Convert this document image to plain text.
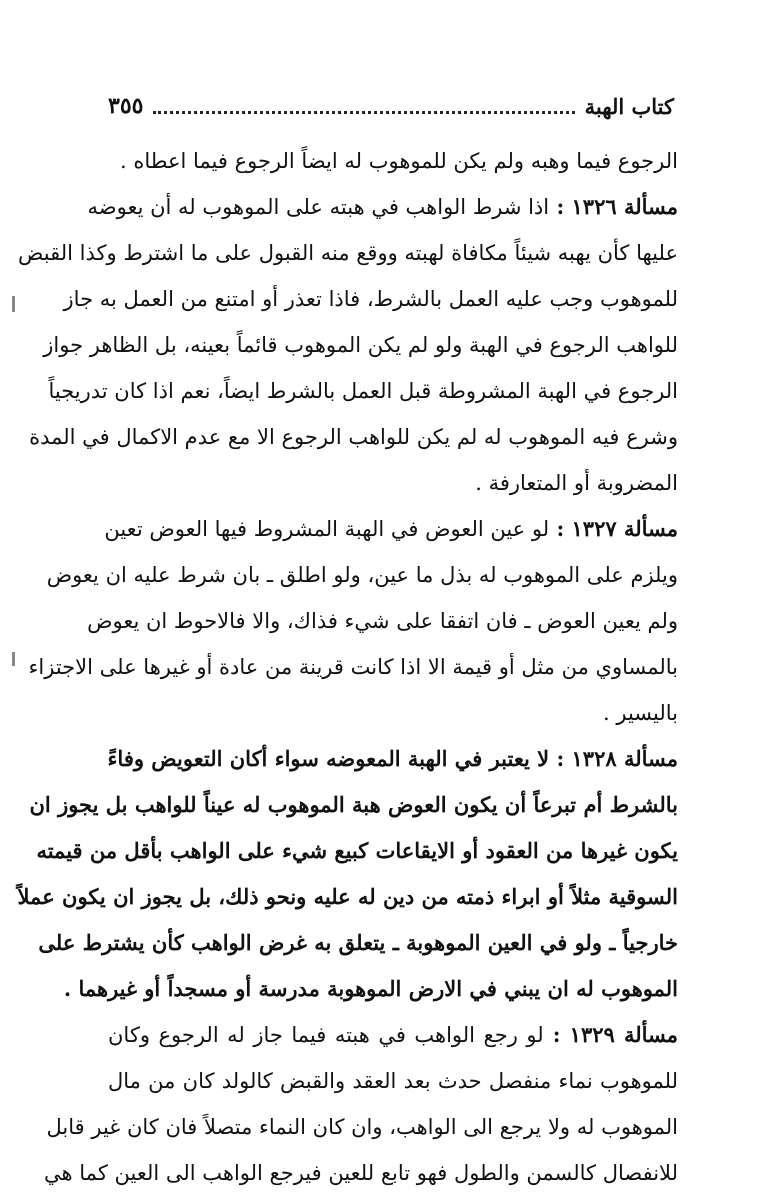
٣٥٥	كتاب الهبة
الرجوع فيما وهبه ولم يكن للموهوب له ايضاً الرجوع فيما اعطاه .
مسألة ١٣٢٦ :اذا شرط الواهب في هبته على الموهوب له أن يعوضه
عليها كأن يهبه شيئاً مكافاة لهبته ووقع منه القبول على ما اشترط وكذا القبض
للموهوب وجب عليه العمل بالشرط، فاذا تعذر أو امتنع من العمل به جاز
للواهب الرجوع في الهبة ولو لم يكن الموهوب قائماً بعينه، بل الظاهر جواز
الرجوع في الهبة المشروطة قبل العمل بالشرط ايضاً، نعم اذا كان تدريجياً
وشرع فيه الموهوب له لم يكن للواهب الرجوع الا مع عدم الاكمال في المدة
المضروبة أو المتعارفة .
مسألة ١٣٢٧ :لو عين العوض في الهبة المشروط فيها العوض تعين
ويلزم على الموهوب له بذل ما عين، ولو اطلق ـ بان شرط عليه ان يعوض
ولم يعين العوض ـ فان اتفقا على شيء فذاك، والا فالاحوط ان يعوض
بالمساوي من مثل أو قيمة الا اذا كانت قرينة من عادة أو غيرها على الاجتزاء
باليسير .
مسألة ١٣٢٨ :لا يعتبر في الهبة المعوضه سواء أكان التعويض وفاءً
بالشرط أم تبرعاً أن يكون العوض هبة الموهوب له عيناً للواهب بل يجوز ان
يكون غيرها من العقود أو الايقاعات كبيع شيء على الواهب بأقل من قيمته
السوقية مثلاً أو ابراء ذمته من دين له عليه ونحو ذلك، بل يجوز ان يكون عملاً
خارجياً ـ ولو في العين الموهوبة ـ يتعلق به غرض الواهب كأن يشترط على
الموهوب له ان يبني في الارض الموهوبة مدرسة أو مسجداً أو غيرهما .
مسألة ١٣٢٩ :لو رجع الواهب في هبته فيما جاز له الرجوع وكان
للموهوب نماء منفصل حدث بعد العقد والقبض كالولد كان من مال
الموهوب له ولا يرجع الى الواهب، وان كان النماء متصلاً فان كان غير قابل
للانفصال كالسمن والطول فهو تابع للعين فيرجع الواهب الى العين كما هي
